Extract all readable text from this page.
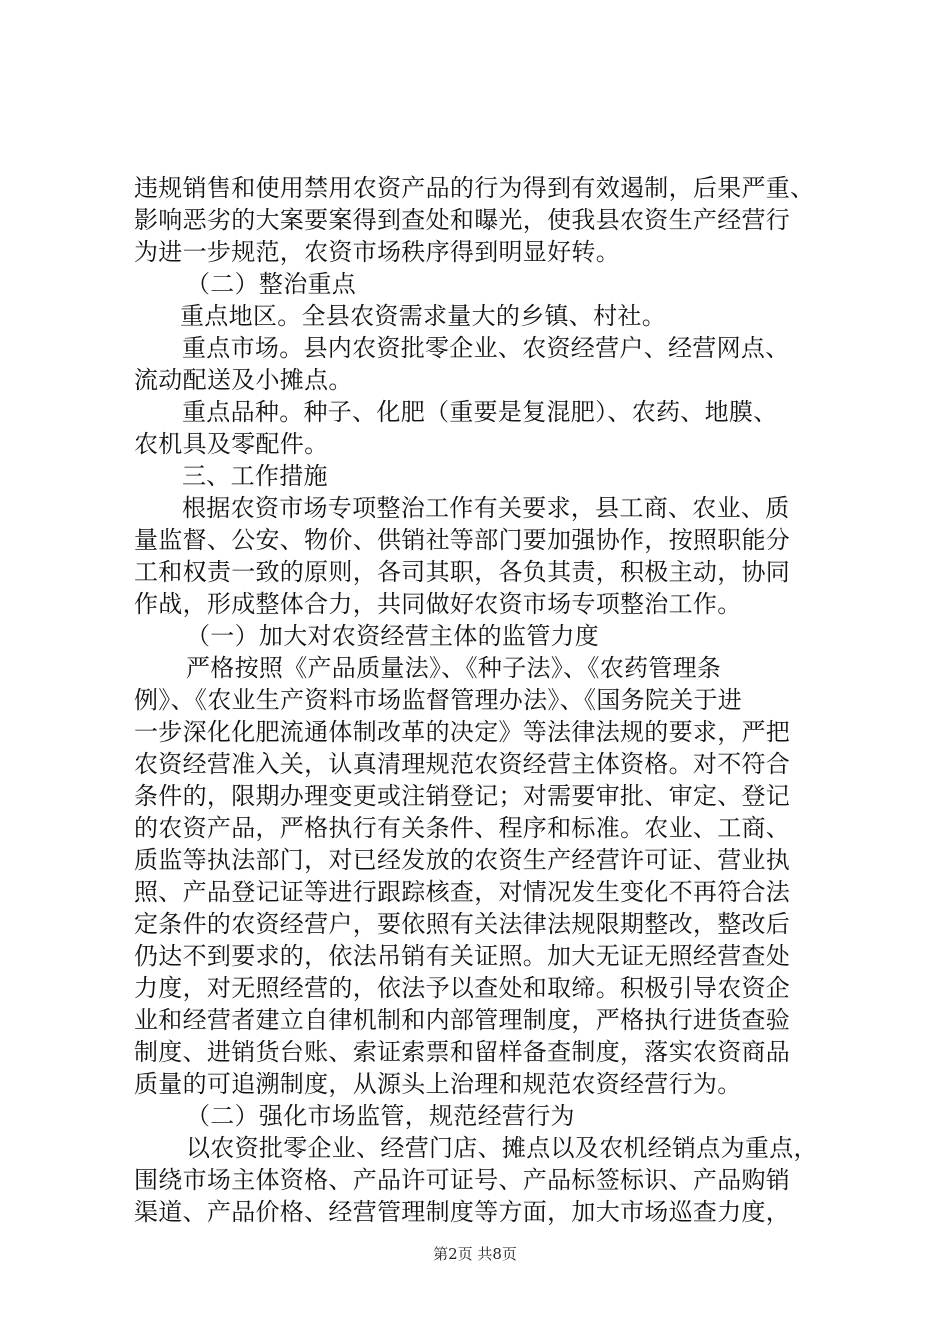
违规销售和使用禁用农资产品的行为得到有效遏制，后果严重、
影响恶劣的大案要案得到查处和曝光，使我县农资生产经营行
为进一步规范，农资市场秩序得到明显好转。
（二）整治重点
重点地区。全县农资需求量大的乡镇、村社。
重点市场。县内农资批零企业、农资经营户、经营网点、
流动配送及小摊点。
重点品种。种子、化肥（重要是复混肥）、农药、地膜、
农机具及零配件。
三、工作措施
根据农资市场专项整治工作有关要求，县工商、农业、质
量监督、公安、物价、供销社等部门要加强协作，按照职能分
工和权责一致的原则，各司其职，各负其责，积极主动，协同
作战，形成整体合力，共同做好农资市场专项整治工作。
（一）加大对农资经营主体的监管力度
严格按照《产品质量法》、《种子法》、《农药管理条
例》、《农业生产资料市场监督管理办法》、《国务院关于进
一步深化化肥流通体制改革的决定》等法律法规的要求，严把
农资经营准入关，认真清理规范农资经营主体资格。对不符合
条件的，限期办理变更或注销登记；对需要审批、审定、登记
的农资产品，严格执行有关条件、程序和标准。农业、工商、
质监等执法部门，对已经发放的农资生产经营许可证、营业执
照、产品登记证等进行跟踪核查，对情况发生变化不再符合法
定条件的农资经营户，要依照有关法律法规限期整改，整改后
仍达不到要求的，依法吊销有关证照。加大无证无照经营查处
力度，对无照经营的，依法予以查处和取缔。积极引导农资企
业和经营者建立自律机制和内部管理制度，严格执行进货查验
制度、进销货台账、索证索票和留样备查制度，落实农资商品
质量的可追溯制度，从源头上治理和规范农资经营行为。
（二）强化市场监管，规范经营行为
以农资批零企业、经营门店、摊点以及农机经销点为重点，
围绕市场主体资格、产品许可证号、产品标签标识、产品购销
渠道、产品价格、经营管理制度等方面，加大市场巡查力度，
第2页 共8页
